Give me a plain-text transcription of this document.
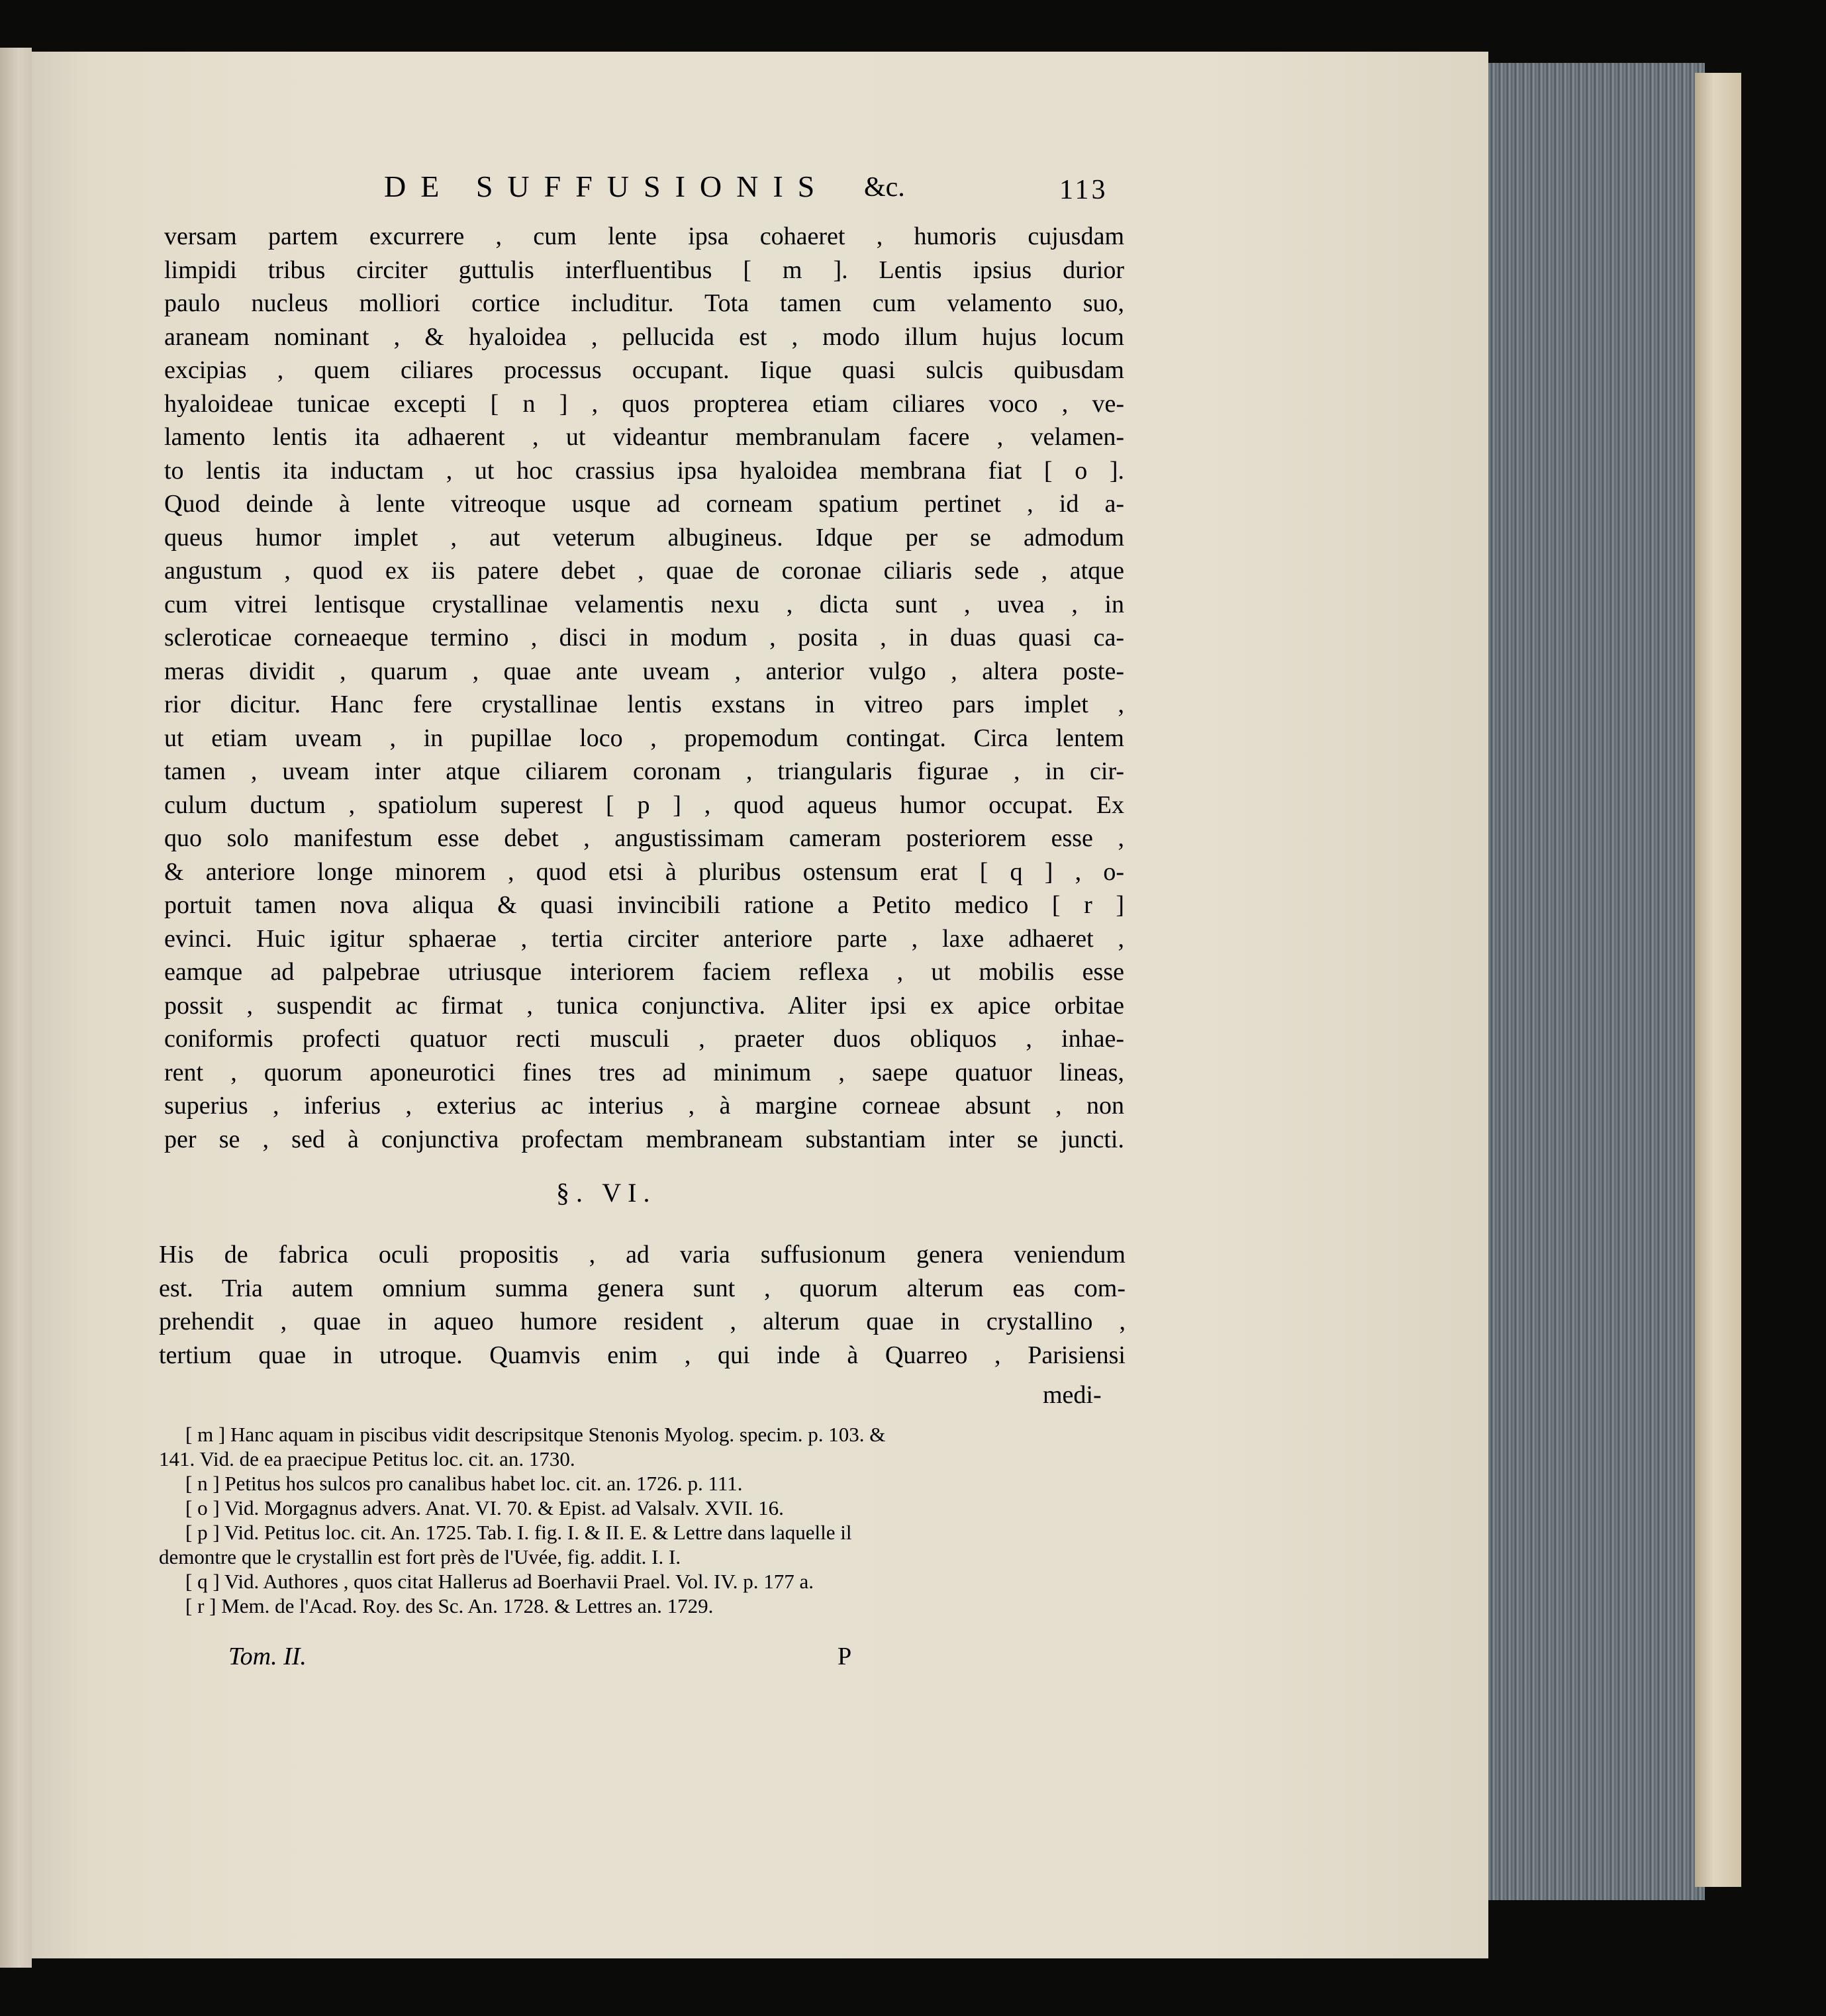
DE SUFFUSIONIS &c.	113
versam partem excurrere , cum lente ipsa cohaeret , humoris cujusdam
limpidi tribus circiter guttulis interfluentibus [ m ]. Lentis ipsius durior
paulo nucleus molliori cortice includitur. Tota tamen cum velamento suo,
araneam nominant , & hyaloidea , pellucida est , modo illum hujus locum
excipias , quem ciliares processus occupant. Iique quasi sulcis quibusdam
hyaloideae tunicae excepti [ n ] , quos propterea etiam ciliares voco , ve-
lamento lentis ita adhaerent , ut videantur membranulam facere , velamen-
to lentis ita inductam , ut hoc crassius ipsa hyaloidea membrana fiat [ o ].
Quod deinde à lente vitreoque usque ad corneam spatium pertinet , id a-
queus humor implet , aut veterum albugineus. Idque per se admodum
angustum , quod ex iis patere debet , quae de coronae ciliaris sede , atque
cum vitrei lentisque crystallinae velamentis nexu , dicta sunt , uvea , in
scleroticae corneaeque termino , disci in modum , posita , in duas quasi ca-
meras dividit , quarum , quae ante uveam , anterior vulgo , altera poste-
rior dicitur. Hanc fere crystallinae lentis exstans in vitreo pars implet ,
ut etiam uveam , in pupillae loco , propemodum contingat. Circa lentem
tamen , uveam inter atque ciliarem coronam , triangularis figurae , in cir-
culum ductum , spatiolum superest [ p ] , quod aqueus humor occupat. Ex
quo solo manifestum esse debet , angustissimam cameram posteriorem esse ,
& anteriore longe minorem , quod etsi à pluribus ostensum erat [ q ] , o-
portuit tamen nova aliqua & quasi invincibili ratione a Petito medico [ r ]
evinci. Huic igitur sphaerae , tertia circiter anteriore parte , laxe adhaeret ,
eamque ad palpebrae utriusque interiorem faciem reflexa , ut mobilis esse
possit , suspendit ac firmat , tunica conjunctiva. Aliter ipsi ex apice orbitae
coniformis profecti quatuor recti musculi , praeter duos obliquos , inhae-
rent , quorum aponeurotici fines tres ad minimum , saepe quatuor lineas,
superius , inferius , exterius ac interius , à margine corneae absunt , non
per se , sed à conjunctiva profectam membraneam substantiam inter se juncti.
§. VI.
His de fabrica oculi propositis , ad varia suffusionum genera veniendum
est. Tria autem omnium summa genera sunt , quorum alterum eas com-
prehendit , quae in aqueo humore resident , alterum quae in crystallino ,
tertium quae in utroque. Quamvis enim , qui inde à Quarreo , Parisiensi
medi-
[ m ] Hanc aquam in piscibus vidit descripsitque Stenonis Myolog. specim. p. 103. &
141. Vid. de ea praecipue Petitus loc. cit. an. 1730.
[ n ] Petitus hos sulcos pro canalibus habet loc. cit. an. 1726. p. 111.
[ o ] Vid. Morgagnus advers. Anat. VI. 70. & Epist. ad Valsalv. XVII. 16.
[ p ] Vid. Petitus loc. cit. An. 1725. Tab. I. fig. I. & II. E. & Lettre dans laquelle il
demontre que le crystallin est fort près de l'Uvée, fig. addit. I. I.
[ q ] Vid. Authores , quos citat Hallerus ad Boerhavii Prael. Vol. IV. p. 177 a.
[ r ] Mem. de l'Acad. Roy. des Sc. An. 1728. & Lettres an. 1729.
Tom. II.	P
